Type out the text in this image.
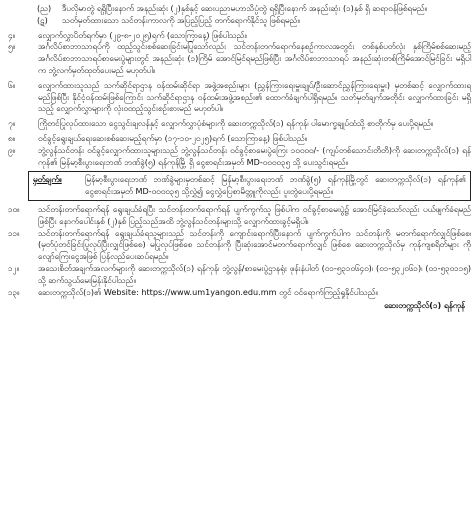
(ည)	ဒီပလိုမာတွဲ ရရှိပြီးနောက် အနည်းဆုံး (၂)နှစ်နှင့် ဆေးပညာမဟာသိပ္ပံတွဲ ရရှိပြီးနောက် အနည်းဆုံး (၁)နှစ် ရှိ ဆရာဝန်ဖြစ်ရမည်။
(ဋ)	သတ်မှတ်ထားသော သင်တန်းကာလကို အပြည့်ပြည့် တက်ရောက်နိုင်သူ ဖြစ်ရမည်။
၄။	လျှောက်လွှာပိတ်ရက်မှာ (၂၉-၈-၂၀၂၅)ရက် (သောကြာနေ့) ဖြစ်ပါသည်။
၅။	အင်္ဂလိပ်စာဘာသာရပ်ကို ထည့်သွင်းစစ်ဆေးခြင်းမပြုသော်လည်း သင်တန်းတက်ရောက်နေစဉ်ကာလအတွင်း တစ်နှစ်ပတ်လုံး နှစ်ကြိမ်စစ်ဆေးမည့် အင်္ဂလိပ်စာဘာသာရပ်စာမေးပွဲများတွင် အနည်းဆုံး (၁)ကြိမ် အောင်မြင်ရမည်ဖြစ်ပြီး အင်္ဂလိပ်စာဘာသာရပ် အနည်းဆုံးတစ်ကြိမ်အောင်မြင်ခြင်း မရှိပါက ဘွဲ့လက်မှတ်ထုတ်ပေးမည် မဟုတ်ပါ။
၆။	လျှောက်ထားသူသည် သက်ဆိုင်ရာဌာန ဝန်ထမ်းဆိုင်ရာ အဖွဲ့အစည်းများ (ညွှန်ကြားရေးမှူးချုပ်/ဦးဆောင်ညွှန်ကြားရေးမှူး) မှတစ်ဆင့် လျှောက်ထားရမည်ဖြစ်ပြီး နိုင်ငံ့ဝန်ထမ်းဖြစ်ကြောင်း သက်ဆိုင်ရာဌာန ဝန်ထမ်းအဖွဲ့အစည်း၏ ထောက်ခံချက်ပါရှိရမည်။ သတ်မှတ်ချက်အတိုင်း လျှောက်ထားခြင်း မရှိသည့် လျှောက်လွှာများကို လုံးဝထည့်သွင်းစဉ်းစားမည် မဟုတ်ပါ။
၇။	ကြိုတင်ပြုလုပ်ထားသော ငွေသွင်းချလန်နှင့် လျှောက်လွှာပုံစံများကို ဆေးတက္ကသိုလ်(၁) ရန်ကုန်၊ ပါမောက္ခချုပ်ထံသို့ စာတိုက်မှ ပေးပို့ရမည်။
၈။	ဝင်ခွင့်ရွေးချယ်ရေးဆေးစစ်ဆေးမည့်ရက်မှာ (၁၇-၁၀-၂၀၂၅)ရက် (သောကြာနေ့) ဖြစ်ပါသည်။
၉။	ဘွဲ့လွန်သင်တန်း ဝင်ခွင့်လျှောက်ထားသူများသည် ဘွဲ့လွန်သင်တန်း ဝင်ခွင့်စာမေးပွဲကြေး ၁၀၀၀၀/- (ကျပ်တစ်သောင်းတိတိ)ကို ဆေးတက္ကသိုလ်(၁) ရန်ကုန်၏ မြန်မာ့စီးပွားရေးဘဏ် ဘဏ်ခွဲ(၅) ရန်ကုန်မြို့ ရှိ ငွေစာရင်းအမှတ် MD-၀၀၀၀၃၅ သို့ ပေးသွင်းရမည်။
မှတ်ချက်။	မြန်မာ့စီးပွားရေးဘဏ် ဘဏ်ခွဲများမှတစ်ဆင့် မြန်မာ့စီးပွားရေးဘဏ် ဘဏ်ခွဲ(၅) ရန်ကုန်မြို့တွင် ဆေးတက္ကသိုလ်(၁) ရန်ကုန်၏ ငွေစာရင်းအမှတ် MD-၀၀၀၀၃၅ သို့လွှဲ၍ ငွေလွှဲပြေစာမိတ္တူကိုလည်း ပူးတွဲပေးပို့ရမည်။
၁၀။	သင်တန်းတက်ရောက်ရန် ရွေးချယ်ခံရပြီး သင်တန်းတက်ရောက်ရန် ပျက်ကွက်သူ ဖြစ်ပါက ဝင်ခွင့်စာမေးပွဲ၌ အောင်မြင်ခဲ့သော်လည်း ပယ်ဖျက်ခံရမည်ဖြစ်ပြီး နောက်ပေါင်းနှစ် (၂)နှစ် ပြည့်သည်အထိ ဘွဲ့လွန်သင်တန်းများသို့ လျှောက်ထားခွင့်မရှိပါ။
၁၁။	သင်တန်းတက်ရောက်ရန် ရွေးချယ်ခံရသူများသည် သင်တန်းကို ကျောင်းရောက်ပြီးနောက် ပျက်ကွက်ပါက သင်တန်းကို မတက်ရောက်လျှင်ဖြစ်စေ၊ (မှတ်ပုံတင်ခြင်းပြုလုပ်ပြီးလျှင်ဖြစ်စေ) မပြုလုပ်ဖြစ်စေ သင်တန်းကို ပြီးဆုံးအောင်မတက်ရောက်လျှင် ဖြစ်စေ ဆေးတက္ကသိုလ်မှ ကုန်ကျစရိတ်များ ကို လျော်ကြေးငွေအဖြစ် ပြန်လည်ပေးဆပ်ရမည်။
၁၂။	အသေးစိတ်အချက်အလက်များကို ဆေးတက္ကသိုလ်(၁) ရန်ကုန်၊ ဘွဲ့လွန်/စာမေးပွဲဌာနရုံး ဖုန်းနံပါတ် (၀၁-၅၃၁၀၆၄၀)၊ (၀၁-၅၃၂၀၆၁)၊ (၀၁-၅၃၀၁၁၅) သို့ ဆက်သွယ်မေးမြန်းနိုင်ပါသည်။
၁၃။	ဆေးတက္ကသိုလ်(၁)၏ Website: https://www.um1yangon.edu.mm တွင် ဝင်ရောက်ကြည့်ရှုနိုင်ပါသည်။
ဆေးတက္ကသိုလ်(၁) ရန်ကုန်
